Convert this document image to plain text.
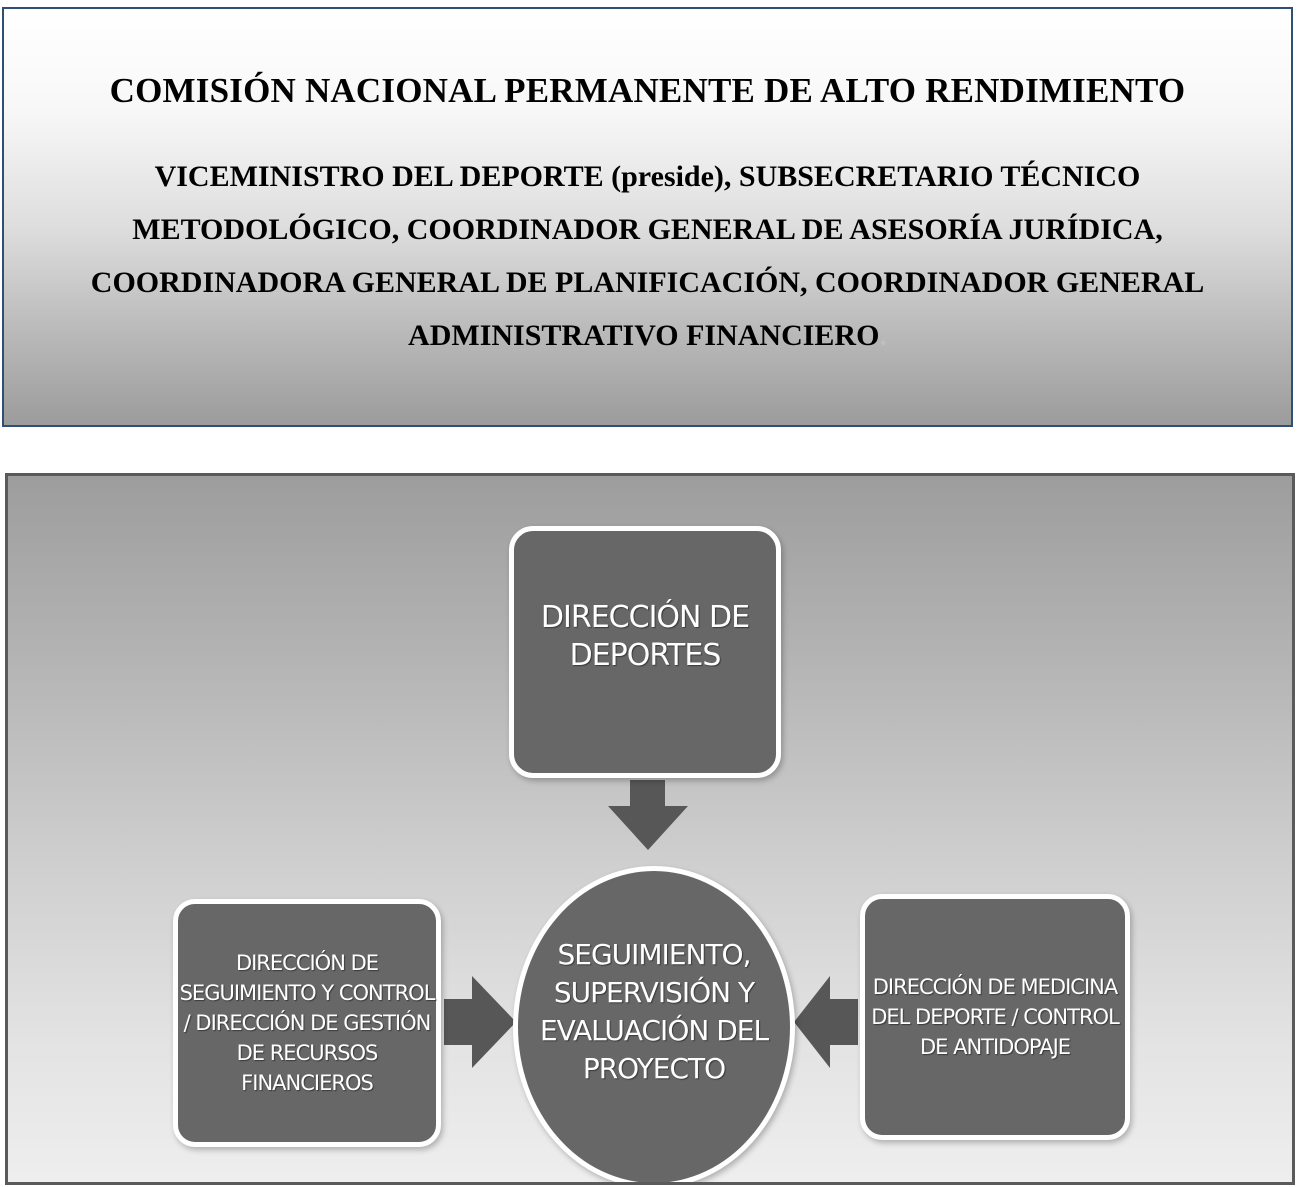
COMISIÓN NACIONAL PERMANENTE DE ALTO RENDIMIENTO
VICEMINISTRO DEL DEPORTE (preside), SUBSECRETARIO TÉCNICO METODOLÓGICO, COORDINADOR GENERAL DE ASESORÍA JURÍDICA, COORDINADORA GENERAL DE PLANIFICACIÓN, COORDINADOR GENERAL ADMINISTRATIVO FINANCIERO.
DIRECCIÓN DE DEPORTES
DIRECCIÓN DE SEGUIMIENTO Y CONTROL / DIRECCIÓN DE GESTIÓN DE RECURSOS FINANCIEROS
DIRECCIÓN DE MEDICINA DEL DEPORTE / CONTROL DE ANTIDOPAJE
SEGUIMIENTO, SUPERVISIÓN Y EVALUACIÓN DEL PROYECTO
